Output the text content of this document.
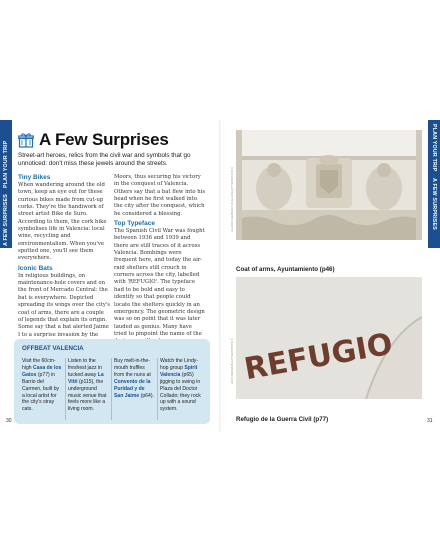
PLAN YOUR TRIP
A FEW SURPRISES
PLAN YOUR TRIP
A FEW SURPRISES
A Few Surprises

Street-art heroes, relics from the civil war and symbols that go unnoticed: don't miss these jewels around the streets.

Tiny Bikes

When wandering around the old town, keep an eye out for these curious bikes made from cut-up corks. They're the handiwork of street artist Bike de Suro. According to them, the cork bike symbolises life in Valencia: local wine, recycling and environmentalism. When you've spotted one, you'll see them everywhere.

Iconic Bats

In religious buildings, on maintenance-hole covers and on the front of Mercado Central: the bat is everywhere. Depicted spreading its wings over the city's coat of arms, there are a couple of legends that explain its origin. Some say that a bat alerted Jaime I to a surprise invasion by the

Moors, thus securing his victory in the conquest of Valencia. Others say that a bat flew into his head when he first walked into the city after the conquest, which he considered a blessing.

Top Typeface

The Spanish Civil War was fought between 1936 and 1939 and there are still traces of it across Valencia. Bombings were frequent here, and today the air-raid shelters still crouch in corners across the city, labelled with 'REFUGIO'. The typeface had to be bold and easy to identify so that people could locate the shelters quickly in an emergency. The geometric design was so on point that it was later lauded as genius. Many have tried to pinpoint the name of the

OFFBEAT VALENCIA
Visit the 60cm-high Casa de los Gatos (p77) in Barrio del Carmen, built by a local artist for the city's stray cats.
Listen to the freshest jazz in tucked away La Vitti (p115), the underground music venue that feels more like a living room.
Buy melt-in-the-mouth truffles from the nuns at Convento de la Puridad y de San Jaime (p64).
Watch the Lindy-hop group Spirit Valencia (p65) jigging to swing in Plaza del Doctor Collado; they rock up with a sound system.
30	31
ALVARO GERMAN VILELA/SHUTTERSTOCK ©
Coat of arms, Ayuntamiento (p46)
ZETA MEDIA/SHUTTERSTOCK © REFUGIO
Refugio de la Guerra Civil (p77)
